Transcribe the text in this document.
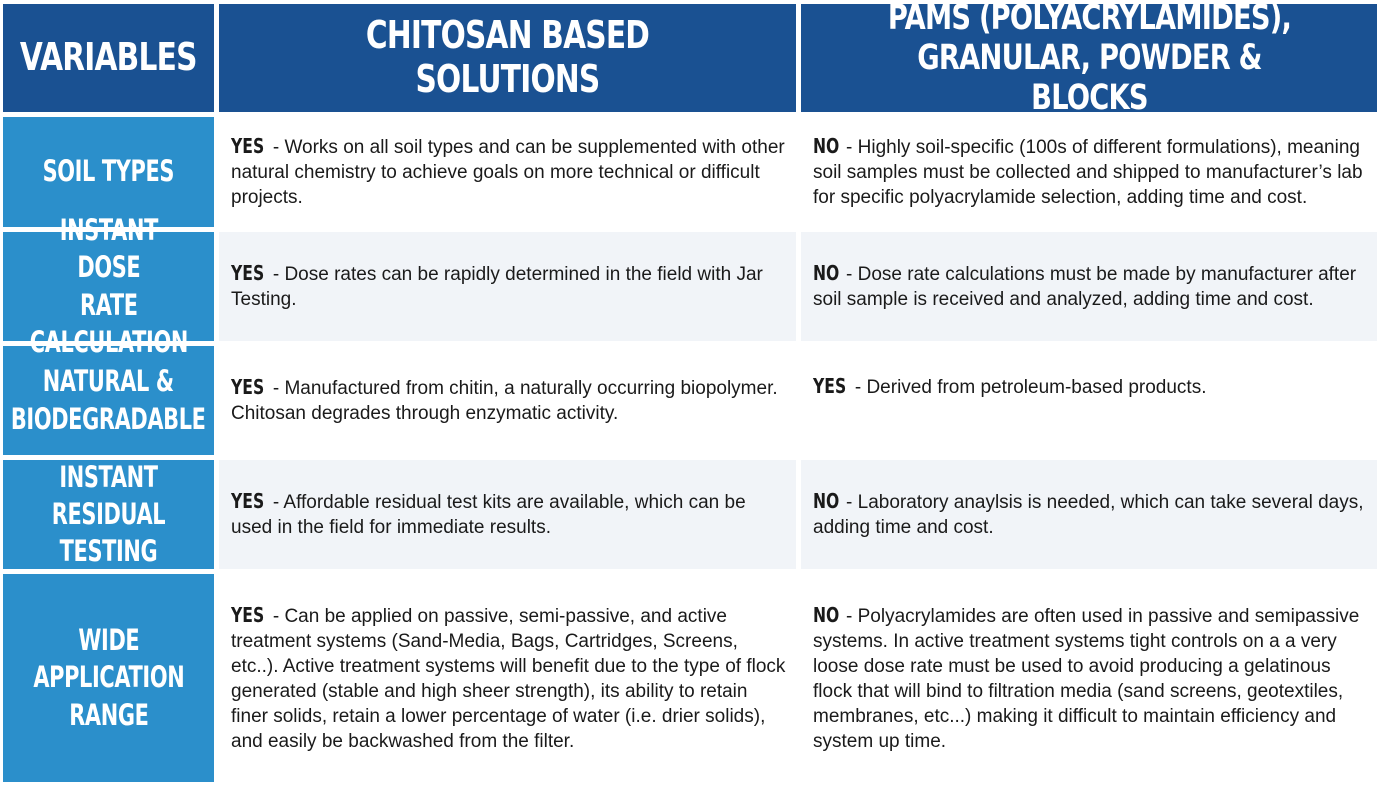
VARIABLES	CHITOSAN BASED SOLUTIONS
PAMS (POLYACRYLAMIDES),
GRANULAR, POWDER & BLOCKS
SOIL TYPES

YES - Works on all soil types and can be supplemented with other natural chemistry to achieve goals on more technical or difficult projects.

NO - Highly soil-specific (100s of different formulations), meaning soil samples must be collected and shipped to manufacturer’s lab for specific polyacrylamide selection, adding time and cost.

INSTANT DOSE
RATE CALCULATION

YES - Dose rates can be rapidly determined in the field with Jar Testing.

NO - Dose rate calculations must be made by manufacturer after soil sample is received and analyzed, adding time and cost.

NATURAL &
BIODEGRADABLE

YES - Manufactured from chitin, a naturally occurring biopolymer. Chitosan degrades through enzymatic activity.

YES - Derived from petroleum-based products.

INSTANT
RESIDUAL TESTING

YES - Affordable residual test kits are available, which can be used in the field for immediate results.

NO - Laboratory anaylsis is needed, which can take several days, adding time and cost.

WIDE
APPLICATION
RANGE

YES - Can be applied on passive, semi-passive, and active treatment systems (Sand-Media, Bags, Cartridges, Screens, etc..). Active treatment systems will benefit due to the type of flock generated (stable and high sheer strength), its ability to retain finer solids, retain a lower percentage of water (i.e. drier solids), and easily be backwashed from the filter.

NO - Polyacrylamides are often used in passive and semipassive systems. In active treatment systems tight controls on a a very loose dose rate must be used to avoid producing a gelatinous flock that will bind to filtration media (sand screens, geotextiles, membranes, etc...) making it difficult to maintain efficiency and system up time.
